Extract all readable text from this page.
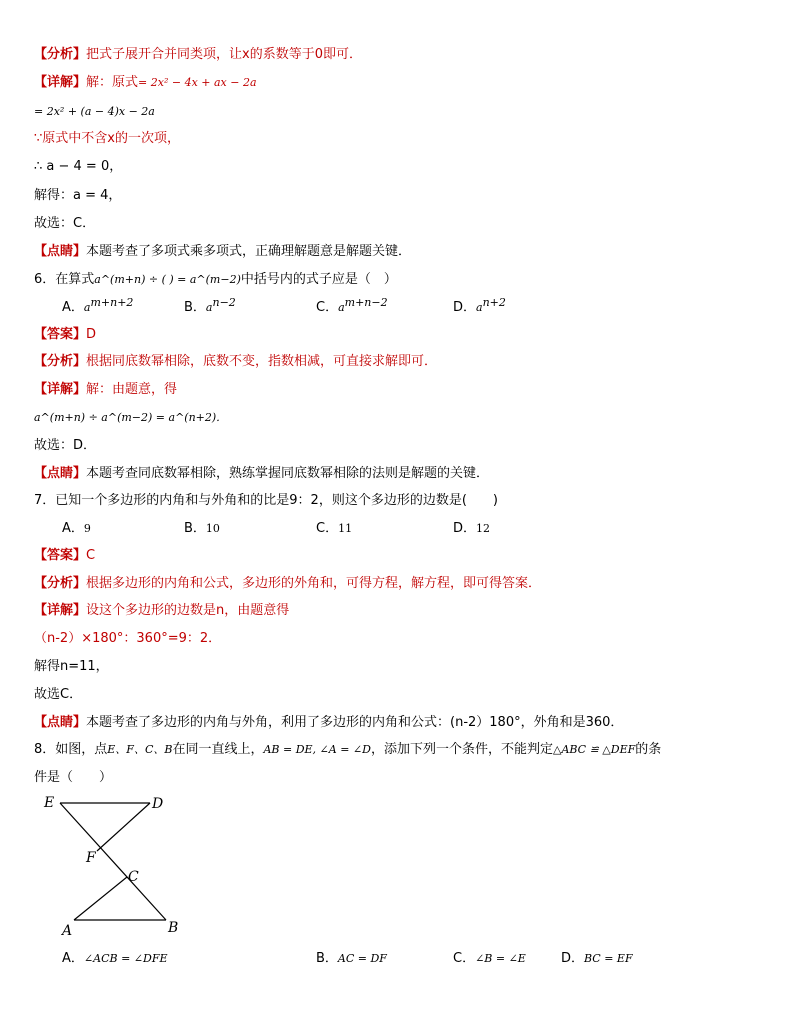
【分析】把式子展开合并同类项，让x的系数等于0即可．
【详解】解：原式= 2x² − 4x + ax − 2a
= 2x² + (a − 4)x − 2a
∵原式中不含x的一次项，
∴ a − 4 = 0，
解得：a = 4，
故选：C．
【点睛】本题考查了多项式乘多项式，正确理解题意是解题关键．
6．在算式a^(m+n) ÷ ( ) = a^(m−2)中括号内的式子应是（　）
A．$a^{m+n+2}$	B．$a^{n-2}$	C．$a^{m+n-2}$	D．$a^{n+2}$
【答案】D
【分析】根据同底数幂相除，底数不变，指数相减，可直接求解即可．
【详解】解：由题意，得
a^(m+n) ÷ a^(m−2) = a^(n+2)．
故选：D．
【点睛】本题考查同底数幂相除，熟练掌握同底数幂相除的法则是解题的关键．
7．已知一个多边形的内角和与外角和的比是9：2，则这个多边形的边数是(　　)
A．9	B．10	C．11	D．12
【答案】C
【分析】根据多边形的内角和公式，多边形的外角和，可得方程，解方程，即可得答案．
【详解】设这个多边形的边数是n，由题意得
（n-2）×180°：360°=9：2．
解得n=11，
故选C．
【点睛】本题考查了多边形的内角与外角，利用了多边形的内角和公式：(n-2）180°，外角和是360．
8．如图，点E、F、C、B在同一直线上，AB = DE, ∠A = ∠D，添加下列一个条件，不能判定△ABC ≌ △DEF的条
件是（　　）
E	D
F
C
A	B
A．∠ACB = ∠DFE	B．AC = DF	C．∠B = ∠E	D．BC = EF
